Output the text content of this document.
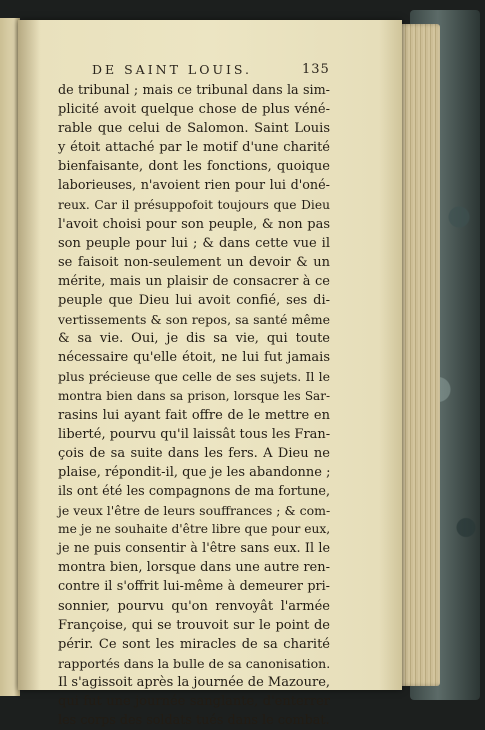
DE SAINT LOUIS.	135
de tribunal ; mais ce tribunal dans la sim-
plicité avoit quelque chose de plus véné-
rable que celui de Salomon. Saint Louis
y étoit attaché par le motif d'une charité
bienfaisante, dont les fonctions, quoique
laborieuses, n'avoient rien pour lui d'oné-
reux. Car il présuppofoit toujours que Dieu
l'avoit choisi pour son peuple, & non pas
son peuple pour lui ; & dans cette vue il
se faisoit non-seulement un devoir & un
mérite, mais un plaisir de consacrer à ce
peuple que Dieu lui avoit confié, ses di-
vertissements & son repos, sa santé même
& sa vie. Oui, je dis sa vie, qui toute
nécessaire qu'elle étoit, ne lui fut jamais
plus précieuse que celle de ses sujets. Il le
montra bien dans sa prison, lorsque les Sar-
rasins lui ayant fait offre de le mettre en
liberté, pourvu qu'il laissât tous les Fran-
çois de sa suite dans les fers. A Dieu ne
plaise, répondit-il, que je les abandonne ;
ils ont été les compagnons de ma fortune,
je veux l'être de leurs souffrances ; & com-
me je ne souhaite d'être libre que pour eux,
je ne puis consentir à l'être sans eux. Il le
montra bien, lorsque dans une autre ren-
contre il s'offrit lui-même à demeurer pri-
sonnier, pourvu qu'on renvoyât l'armée
Françoise, qui se trouvoit sur le point de
périr. Ce sont les miracles de sa charité
rapportés dans la bulle de sa canonisation.
Il s'agissoit après la journée de Mazoure,
qui fut une journée sanglante, d'enterrer
les corps des soldats tués dans le combat.
